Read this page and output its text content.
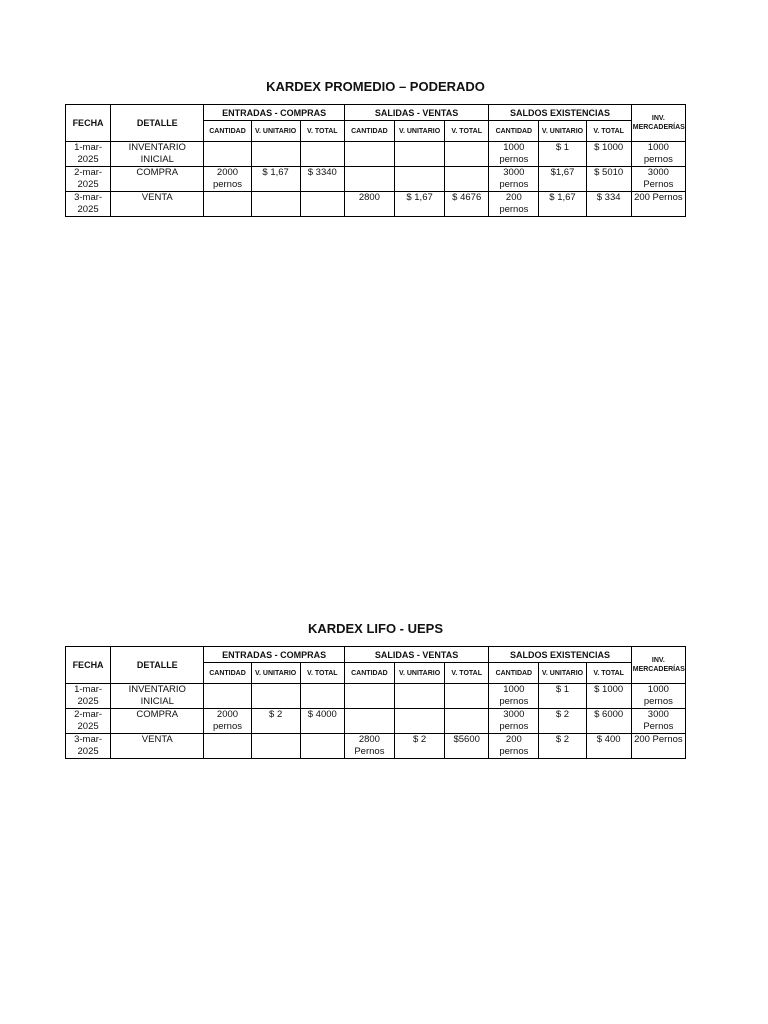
KARDEX PROMEDIO – PODERADO
FECHA	DETALLE	ENTRADAS - COMPRAS			SALIDAS - VENTAS			SALDOS EXISTENCIAS			INV. MERCADERÍAS
		CANTIDAD	V. UNITARIO	V. TOTAL	CANTIDAD	V. UNITARIO	V. TOTAL	CANTIDAD	V. UNITARIO	V. TOTAL	
1-mar-2025	INVENTARIO INICIAL							1000 pernos	$ 1	$ 1000	1000 pernos
2-mar-2025	COMPRA	2000 pernos	$ 1,67	$ 3340				3000 pernos	$1,67	$ 5010	3000 Pernos
3-mar-2025	VENTA				2800	$ 1,67	$ 4676	200 pernos	$ 1,67	$ 334	200 Pernos
KARDEX LIFO - UEPS
FECHA	DETALLE	ENTRADAS - COMPRAS			SALIDAS - VENTAS			SALDOS EXISTENCIAS			INV. MERCADERÍAS
		CANTIDAD	V. UNITARIO	V. TOTAL	CANTIDAD	V. UNITARIO	V. TOTAL	CANTIDAD	V. UNITARIO	V. TOTAL	
1-mar-2025	INVENTARIO INICIAL							1000 pernos	$ 1	$ 1000	1000 pernos
2-mar-2025	COMPRA	2000 pernos	$ 2	$ 4000				3000 pernos	$ 2	$ 6000	3000 Pernos
3-mar-2025	VENTA				2800 Pernos	$ 2	$5600	200 pernos	$ 2	$ 400	200 Pernos
